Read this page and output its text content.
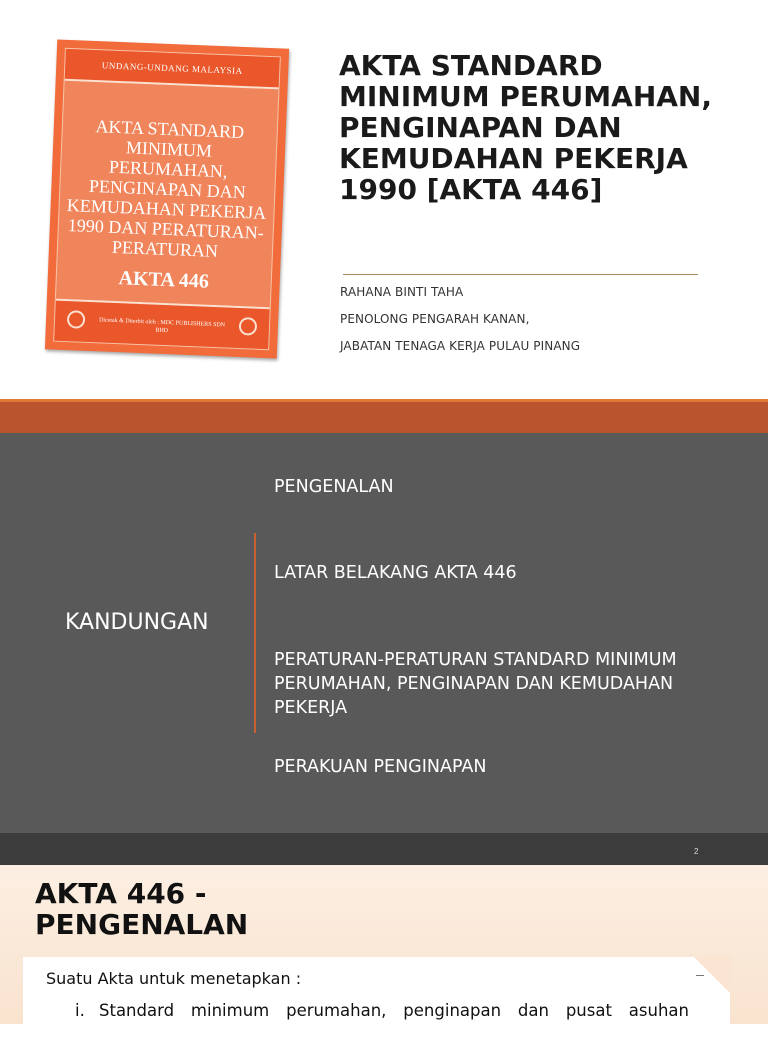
UNDANG-UNDANG MALAYSIA
AKTA STANDARD MINIMUM PERUMAHAN, PENGINAPAN DAN KEMUDAHAN PEKERJA 1990 DAN PERATURAN-PERATURAN
AKTA 446
Dicetak & Diterbit oleh : MDC PUBLISHERS SDN BHD
AKTA STANDARD MINIMUM PERUMAHAN, PENGINAPAN DAN KEMUDAHAN PEKERJA 1990 [AKTA 446]
RAHANA BINTI TAHA
PENOLONG PENGARAH KANAN,
JABATAN TENAGA KERJA PULAU PINANG
KANDUNGAN
PENGENALAN
LATAR BELAKANG AKTA 446
PERATURAN-PERATURAN STANDARD MINIMUM PERUMAHAN, PENGINAPAN DAN KEMUDAHAN PEKERJA
PERAKUAN PENGINAPAN
2
AKTA 446 - PENGENALAN
Suatu Akta untuk menetapkan :
i. Standard minimum perumahan, penginapan dan pusat asuhan
